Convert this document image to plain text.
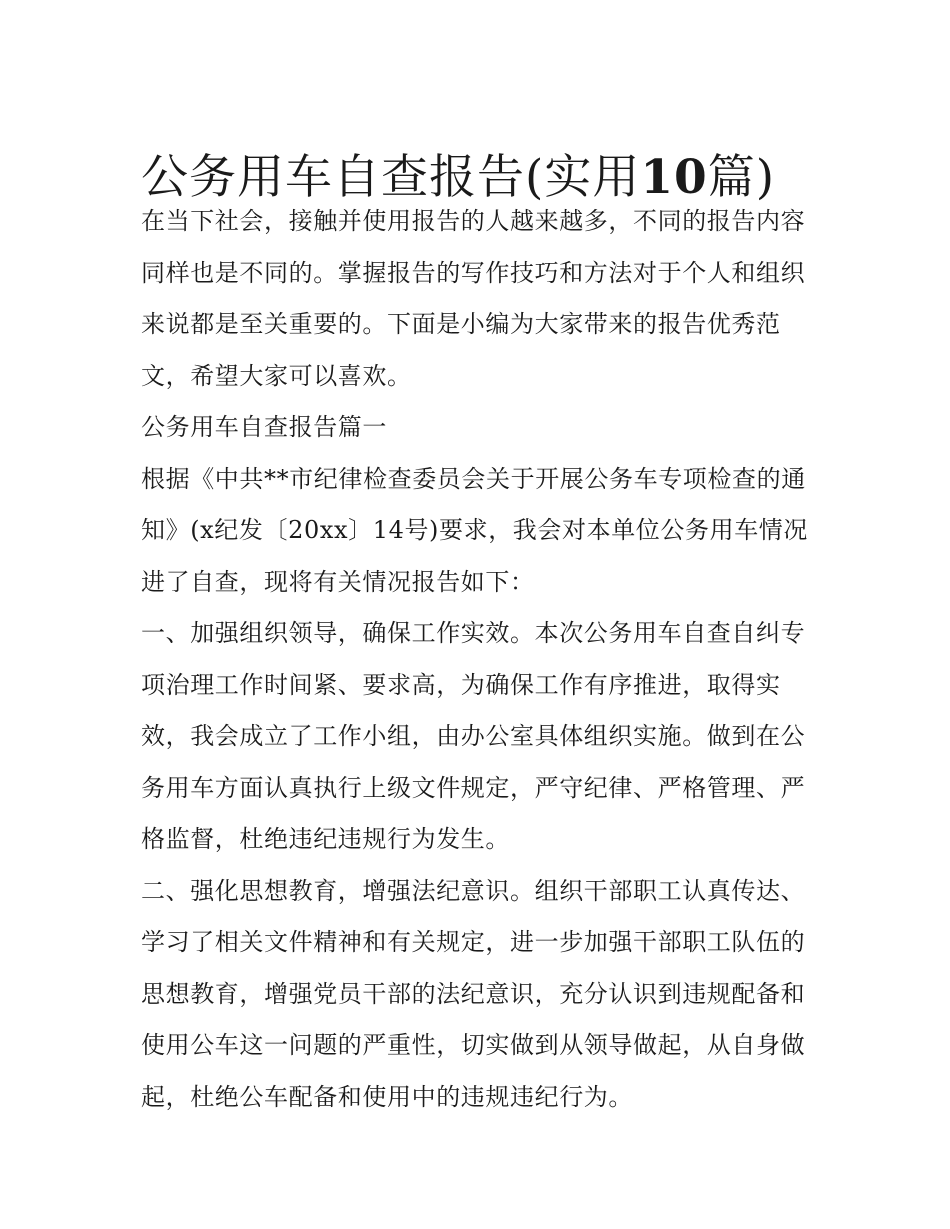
公务用车自查报告(实用10篇)
在当下社会，接触并使用报告的人越来越多，不同的报告内容
同样也是不同的。掌握报告的写作技巧和方法对于个人和组织
来说都是至关重要的。下面是小编为大家带来的报告优秀范
文，希望大家可以喜欢。
公务用车自查报告篇一
根据《中共**市纪律检查委员会关于开展公务车专项检查的通
知》(x纪发〔20xx〕14号)要求，我会对本单位公务用车情况
进了自查，现将有关情况报告如下：
一、加强组织领导，确保工作实效。本次公务用车自查自纠专
项治理工作时间紧、要求高，为确保工作有序推进，取得实
效，我会成立了工作小组，由办公室具体组织实施。做到在公
务用车方面认真执行上级文件规定，严守纪律、严格管理、严
格监督，杜绝违纪违规行为发生。
二、强化思想教育，增强法纪意识。组织干部职工认真传达、
学习了相关文件精神和有关规定，进一步加强干部职工队伍的
思想教育，增强党员干部的法纪意识，充分认识到违规配备和
使用公车这一问题的严重性，切实做到从领导做起，从自身做
起，杜绝公车配备和使用中的违规违纪行为。
